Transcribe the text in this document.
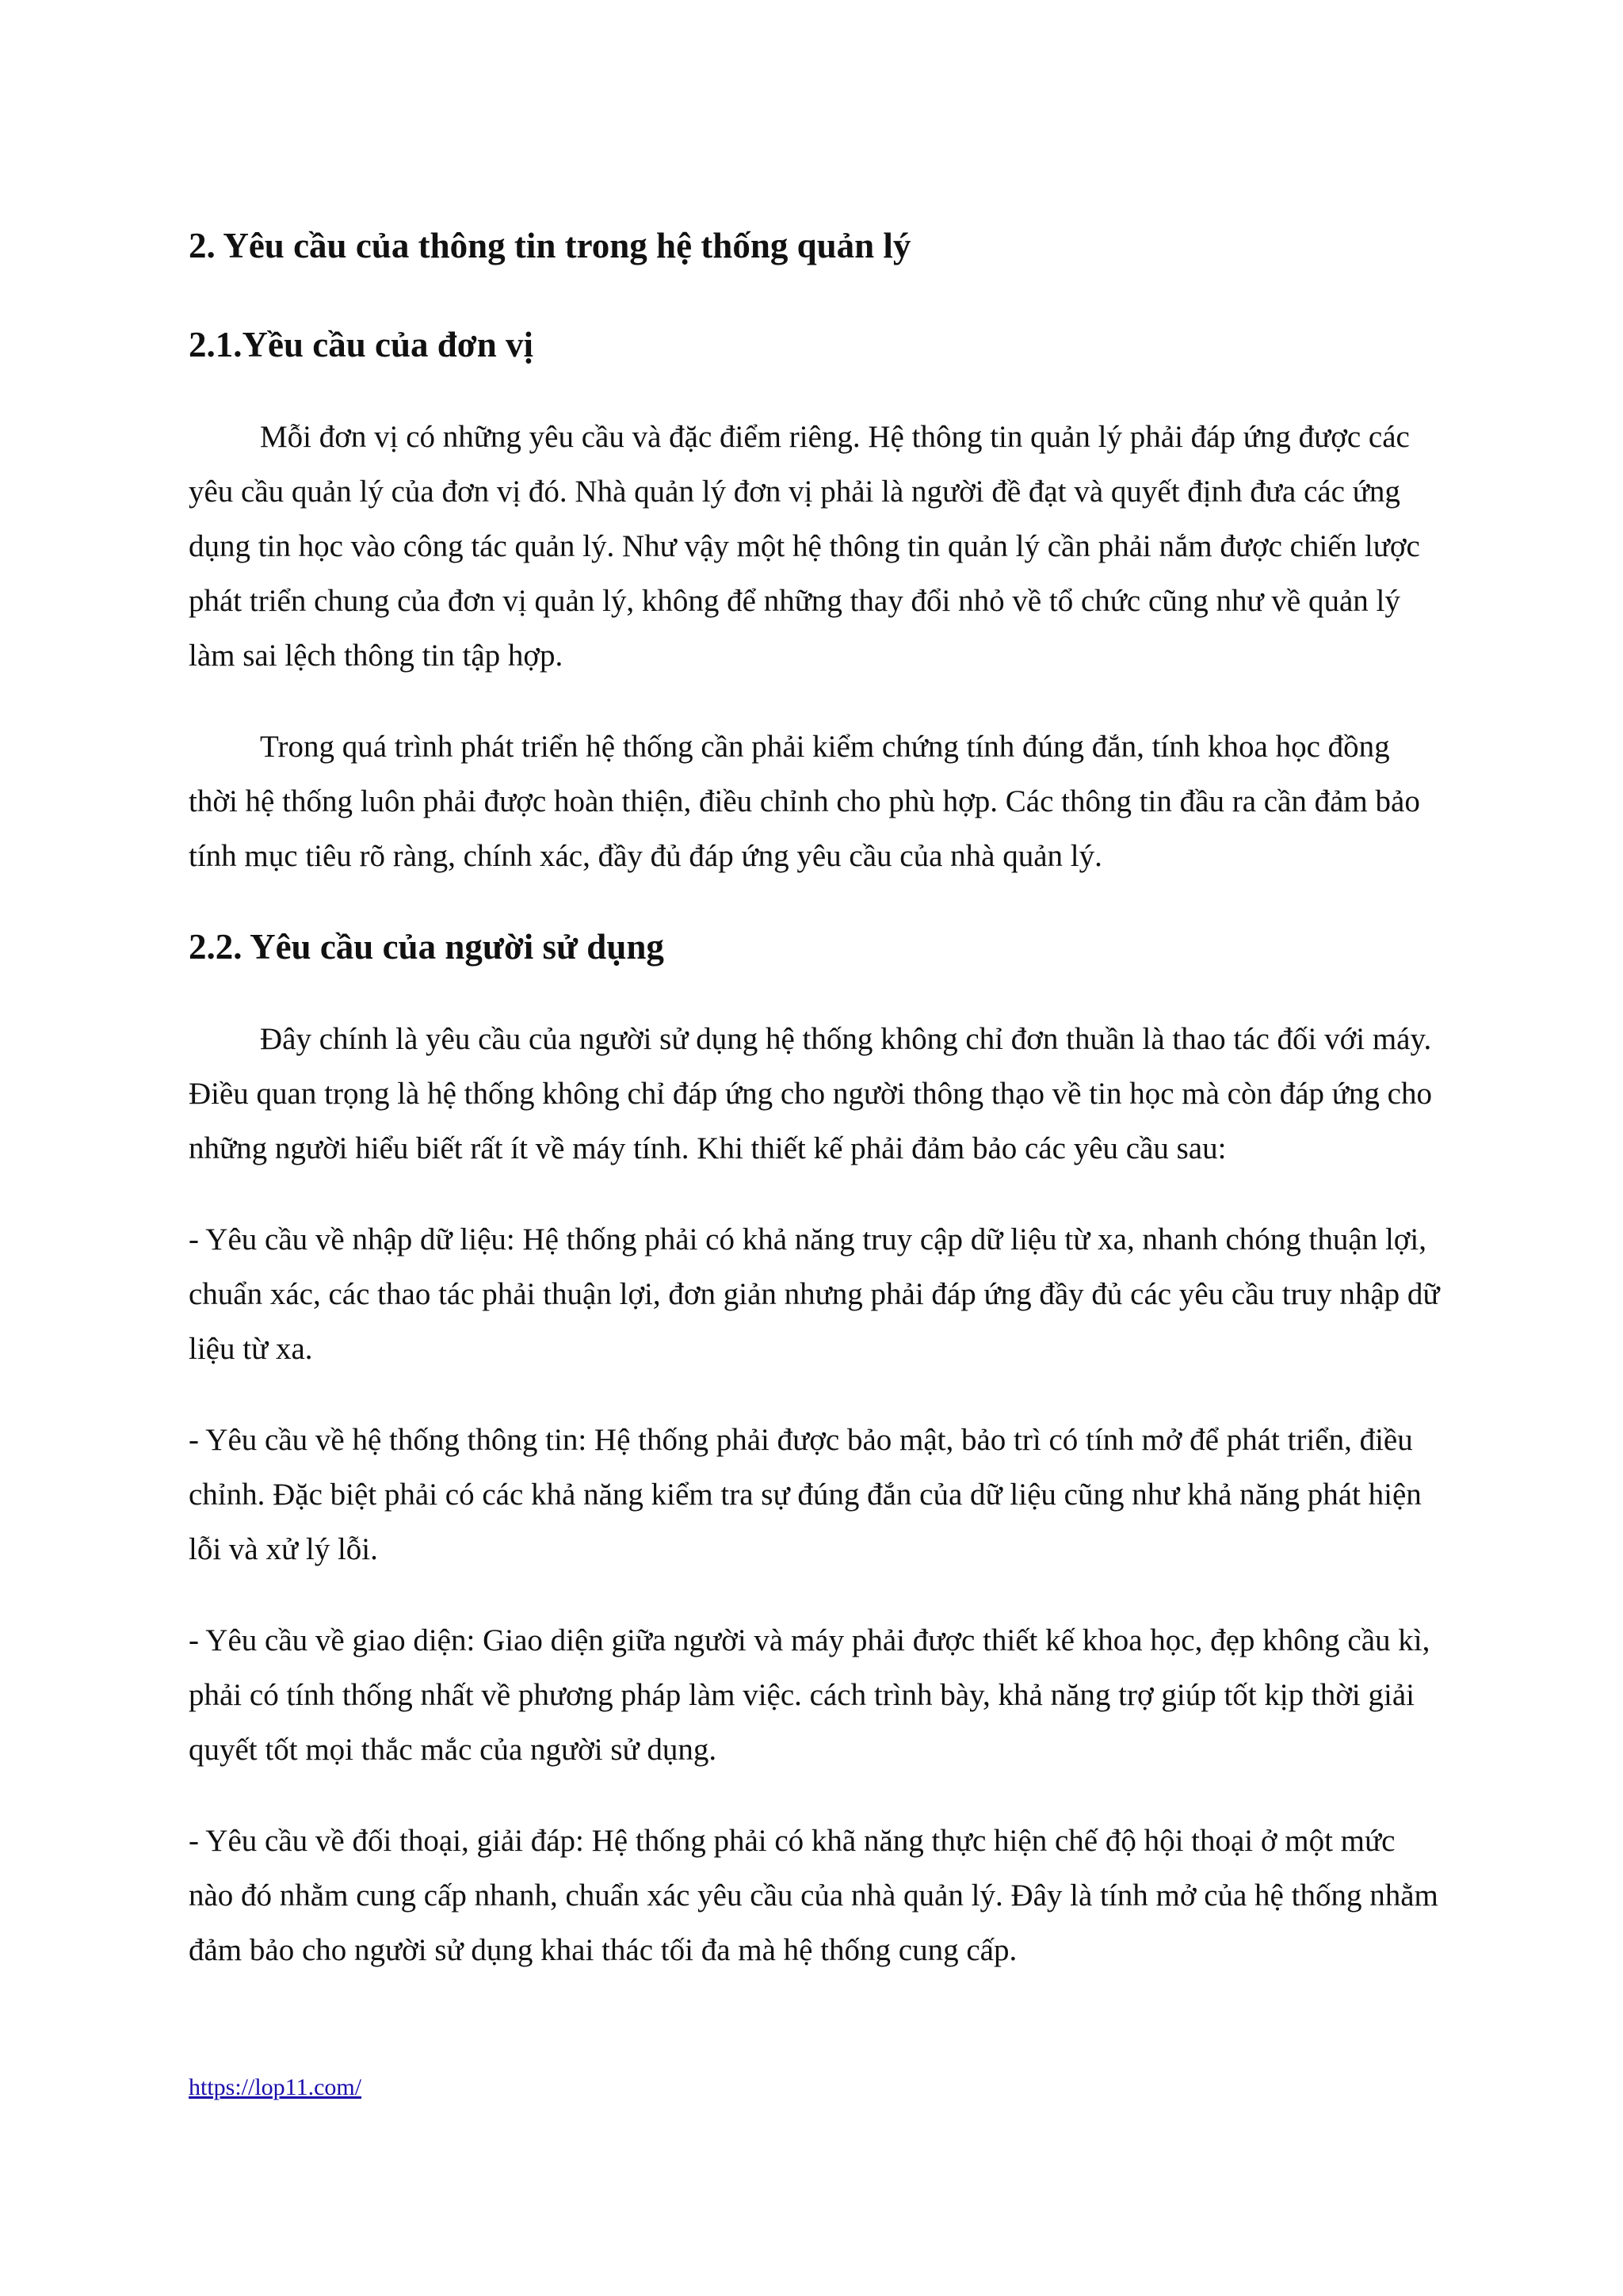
2. Yêu cầu của thông tin trong hệ thống quản lý
2.1.Yều cầu của đơn vị

Mỗi đơn vị có những yêu cầu và đặc điểm riêng. Hệ thông tin quản lý phải đáp ứng được các yêu cầu quản lý của đơn vị đó. Nhà quản lý đơn vị phải là người đề đạt và quyết định đưa các ứng dụng tin học vào công tác quản lý. Như vậy một hệ thông tin quản lý cần phải nắm được chiến lược phát triển chung của đơn vị quản lý, không để những thay đổi nhỏ về tổ chức cũng như về quản lý làm sai lệch thông tin tập hợp.

Trong quá trình phát triển hệ thống cần phải kiểm chứng tính đúng đắn, tính khoa học đồng thời hệ thống luôn phải được hoàn thiện, điều chỉnh cho phù hợp. Các thông tin đầu ra cần đảm bảo tính mục tiêu rõ ràng, chính xác, đầy đủ đáp ứng yêu cầu của nhà quản lý.

2.2. Yêu cầu của người sử dụng

Đây chính là yêu cầu của người sử dụng hệ thống không chỉ đơn thuần là thao tác đối với máy. Điều quan trọng là hệ thống không chỉ đáp ứng cho người thông thạo về tin học mà còn đáp ứng cho những người hiểu biết rất ít về máy tính. Khi thiết kế phải đảm bảo các yêu cầu sau:

- Yêu cầu về nhập dữ liệu: Hệ thống phải có khả năng truy cập dữ liệu từ xa, nhanh chóng thuận lợi, chuẩn xác, các thao tác phải thuận lợi, đơn giản nhưng phải đáp ứng đầy đủ các yêu cầu truy nhập dữ liệu từ xa.

- Yêu cầu về hệ thống thông tin: Hệ thống phải được bảo mật, bảo trì có tính mở để phát triển, điều chỉnh. Đặc biệt phải có các khả năng kiểm tra sự đúng đắn của dữ liệu cũng như khả năng phát hiện lỗi và xử lý lỗi.

- Yêu cầu về giao diện: Giao diện giữa người và máy phải được thiết kế khoa học, đẹp không cầu kì, phải có tính thống nhất về phương pháp làm việc. cách trình bày, khả năng trợ giúp tốt kịp thời giải quyết tốt mọi thắc mắc của người sử dụng.

- Yêu cầu về đối thoại, giải đáp: Hệ thống phải có khã năng thực hiện chế độ hội thoại ở một mức nào đó nhằm cung cấp nhanh, chuẩn xác yêu cầu của nhà quản lý. Đây là tính mở của hệ thống nhằm đảm bảo cho người sử dụng khai thác tối đa mà hệ thống cung cấp.

https://lop11.com/
